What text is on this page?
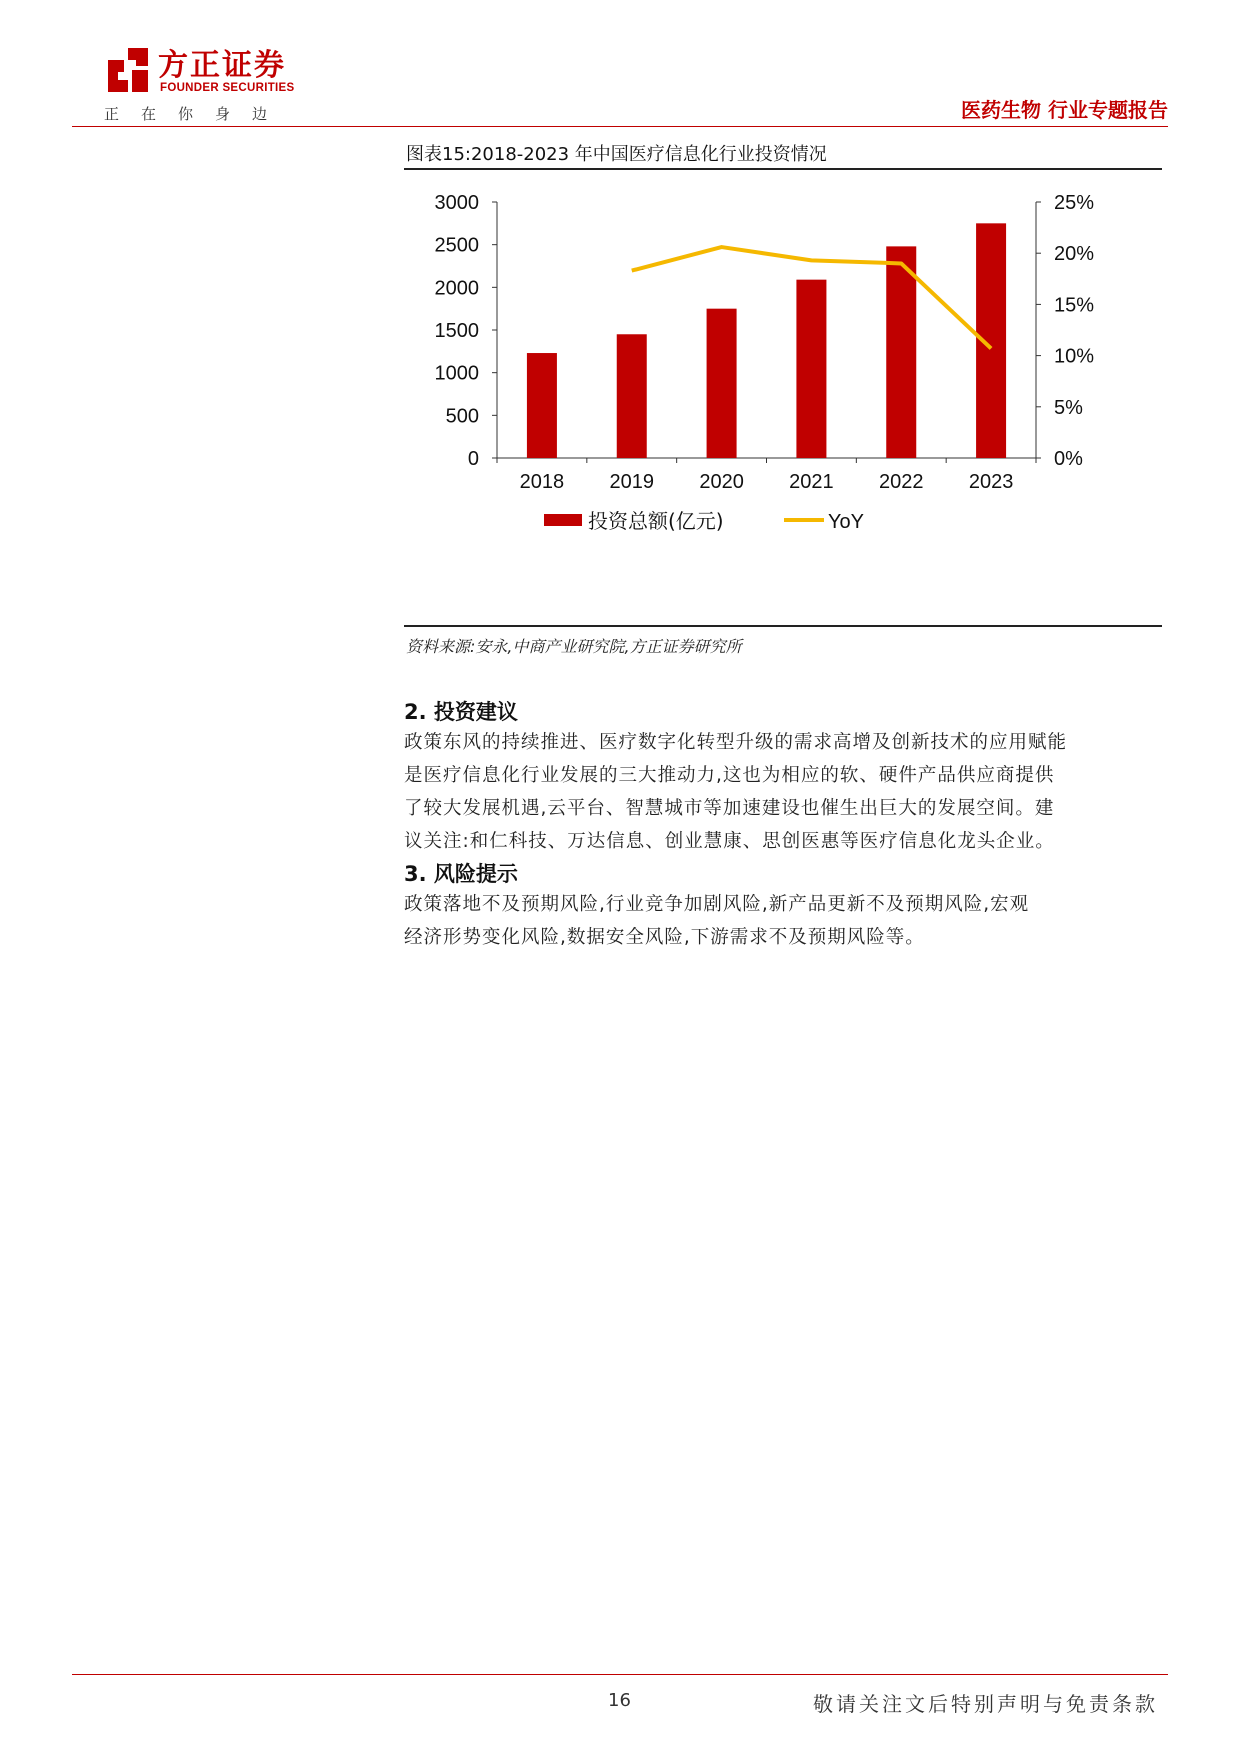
方正证券
FOUNDER SECURITIES
正在你身边	医药生物 行业专题报告
图表15:2018-2023 年中国医疗信息化行业投资情况
0
500
1000
1500
2000
2500
3000
0%
5%
10%
15%
20%
25%
2018 2019 2020 2021 2022 2023
投资总额(亿元)	YoY
资料来源:安永,中商产业研究院,方正证券研究所
2. 投资建议
政策东风的持续推进、医疗数字化转型升级的需求高增及创新技术的应用赋能
是医疗信息化行业发展的三大推动力,这也为相应的软、硬件产品供应商提供
了较大发展机遇,云平台、智慧城市等加速建设也催生出巨大的发展空间。建
议关注:和仁科技、万达信息、创业慧康、思创医惠等医疗信息化龙头企业。
3. 风险提示
政策落地不及预期风险,行业竞争加剧风险,新产品更新不及预期风险,宏观
经济形势变化风险,数据安全风险,下游需求不及预期风险等。
16	敬请关注文后特别声明与免责条款
